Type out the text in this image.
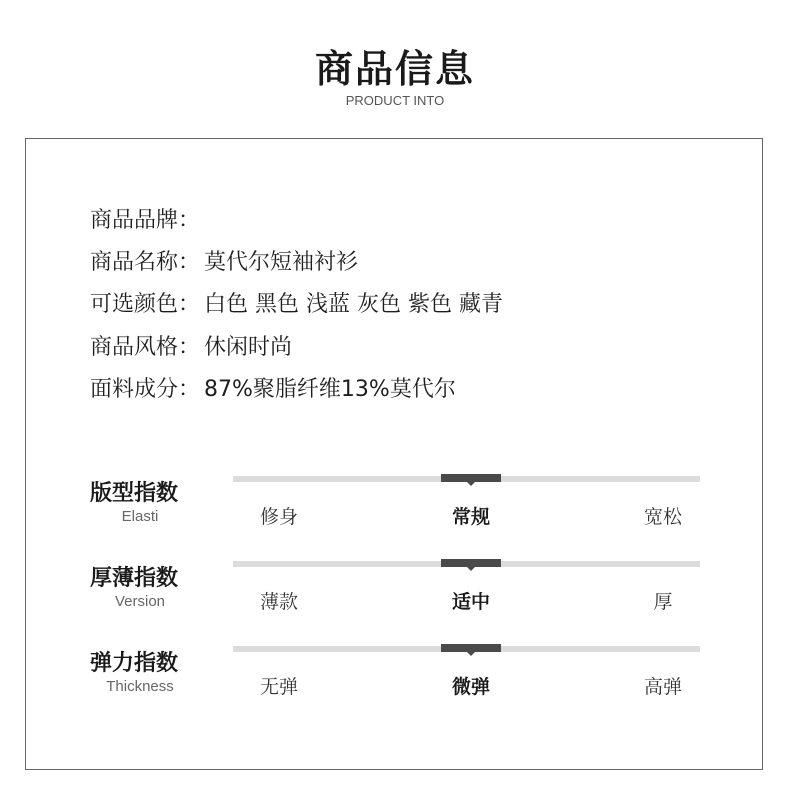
商品信息
PRODUCT INTO
商品品牌：
商品名称： 莫代尔短袖衬衫
可选颜色： 白色 黑色 浅蓝 灰色 紫色 藏青
商品风格： 休闲时尚
面料成分： 87%聚脂纤维13%莫代尔
版型指数
Elasti	修身	常规	宽松
厚薄指数
Version	薄款	适中	厚
弹力指数
Thickness	无弹	微弹	高弹
